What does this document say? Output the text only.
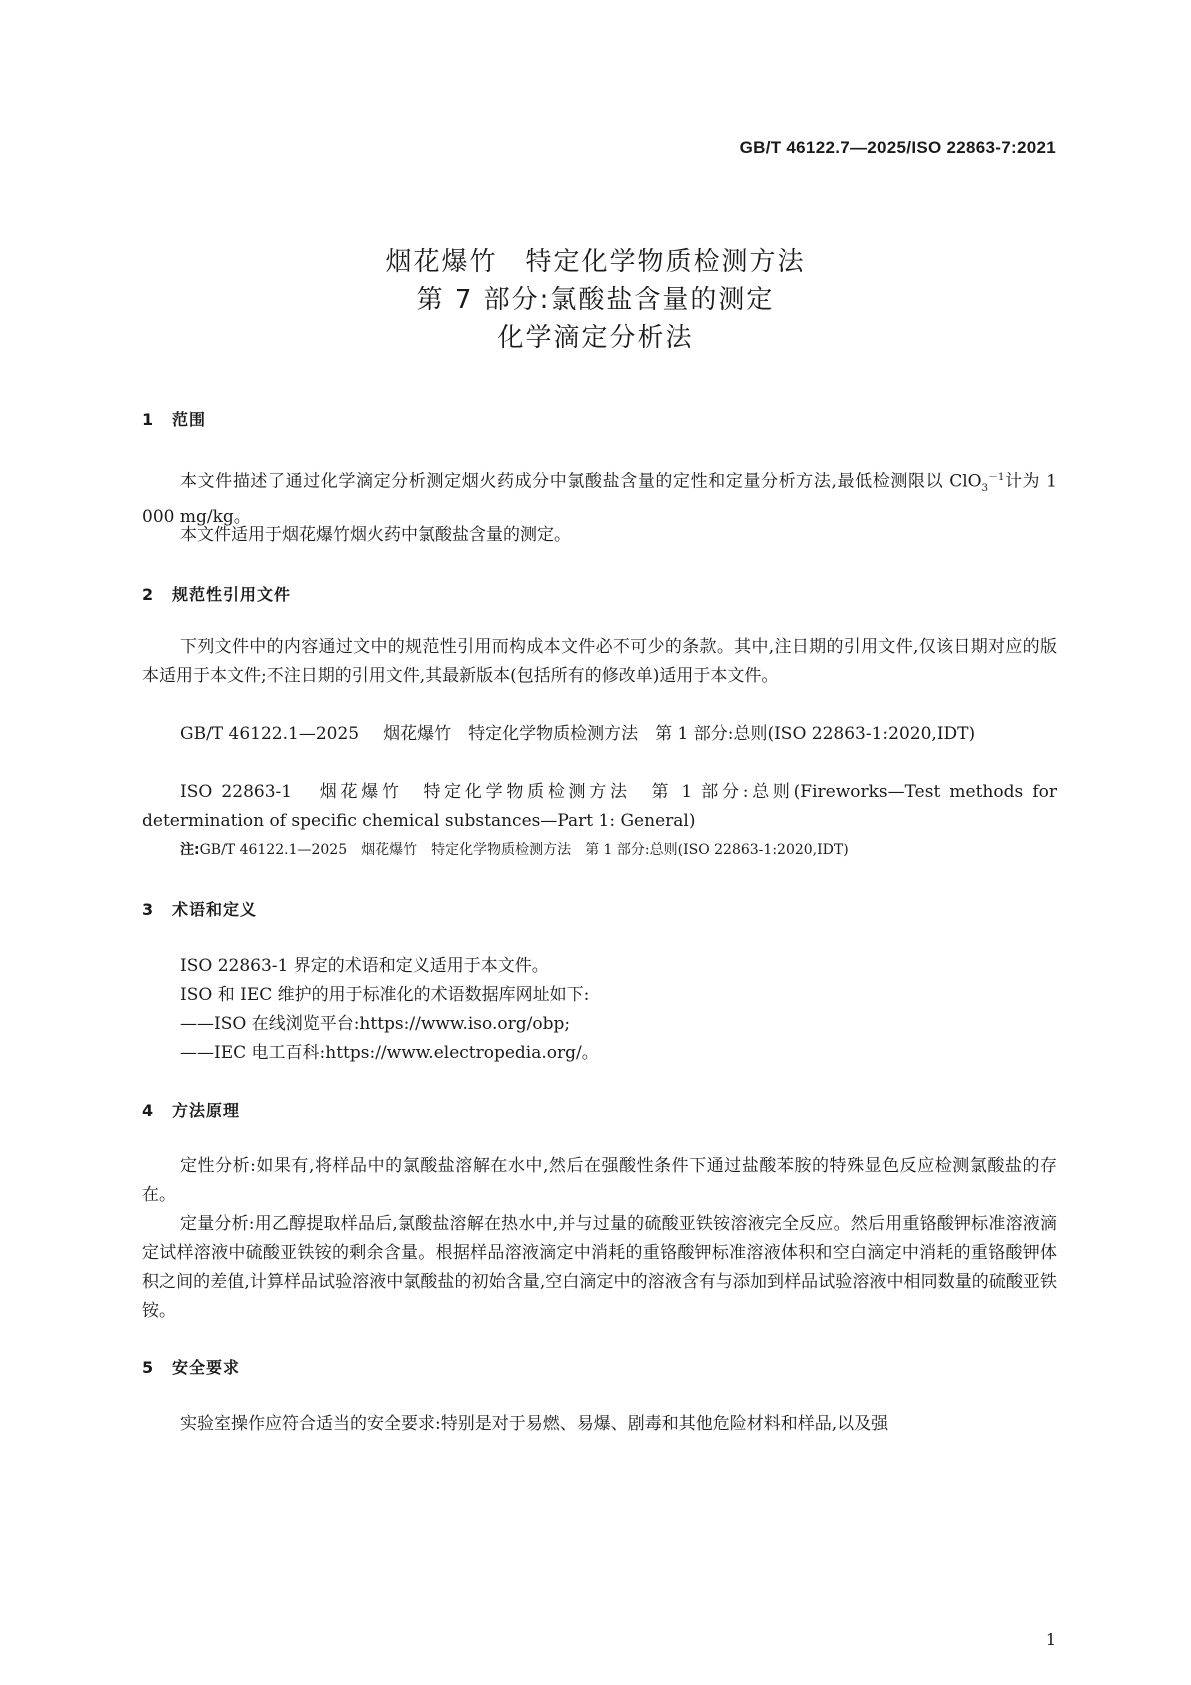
GB/T 46122.7—2025/ISO 22863-7:2021
烟花爆竹　特定化学物质检测方法
第 7 部分:氯酸盐含量的测定
化学滴定分析法
1 范围

本文件描述了通过化学滴定分析测定烟火药成分中氯酸盐含量的定性和定量分析方法,最低检测限以 ClO$_3^{-1}$计为 1 000 mg/kg。

本文件适用于烟花爆竹烟火药中氯酸盐含量的测定。

2 规范性引用文件

下列文件中的内容通过文中的规范性引用而构成本文件必不可少的条款。其中,注日期的引用文件,仅该日期对应的版本适用于本文件;不注日期的引用文件,其最新版本(包括所有的修改单)适用于本文件。

GB/T 46122.1—2025 烟花爆竹　特定化学物质检测方法　第 1 部分:总则(ISO 22863-1:2020,IDT)

ISO 22863-1 烟花爆竹　特定化学物质检测方法　第 1 部分:总则(Fireworks—Test methods for determination of specific chemical substances—Part 1: General)

注:GB/T 46122.1—2025　烟花爆竹　特定化学物质检测方法　第 1 部分:总则(ISO 22863-1:2020,IDT)

3 术语和定义

ISO 22863-1 界定的术语和定义适用于本文件。

ISO 和 IEC 维护的用于标准化的术语数据库网址如下:

——ISO 在线浏览平台:https://www.iso.org/obp;

——IEC 电工百科:https://www.electropedia.org/。

4 方法原理

定性分析:如果有,将样品中的氯酸盐溶解在水中,然后在强酸性条件下通过盐酸苯胺的特殊显色反应检测氯酸盐的存在。

定量分析:用乙醇提取样品后,氯酸盐溶解在热水中,并与过量的硫酸亚铁铵溶液完全反应。然后用重铬酸钾标准溶液滴定试样溶液中硫酸亚铁铵的剩余含量。根据样品溶液滴定中消耗的重铬酸钾标准溶液体积和空白滴定中消耗的重铬酸钾体积之间的差值,计算样品试验溶液中氯酸盐的初始含量,空白滴定中的溶液含有与添加到样品试验溶液中相同数量的硫酸亚铁铵。

5 安全要求

实验室操作应符合适当的安全要求:特别是对于易燃、易爆、剧毒和其他危险材料和样品,以及强

1
